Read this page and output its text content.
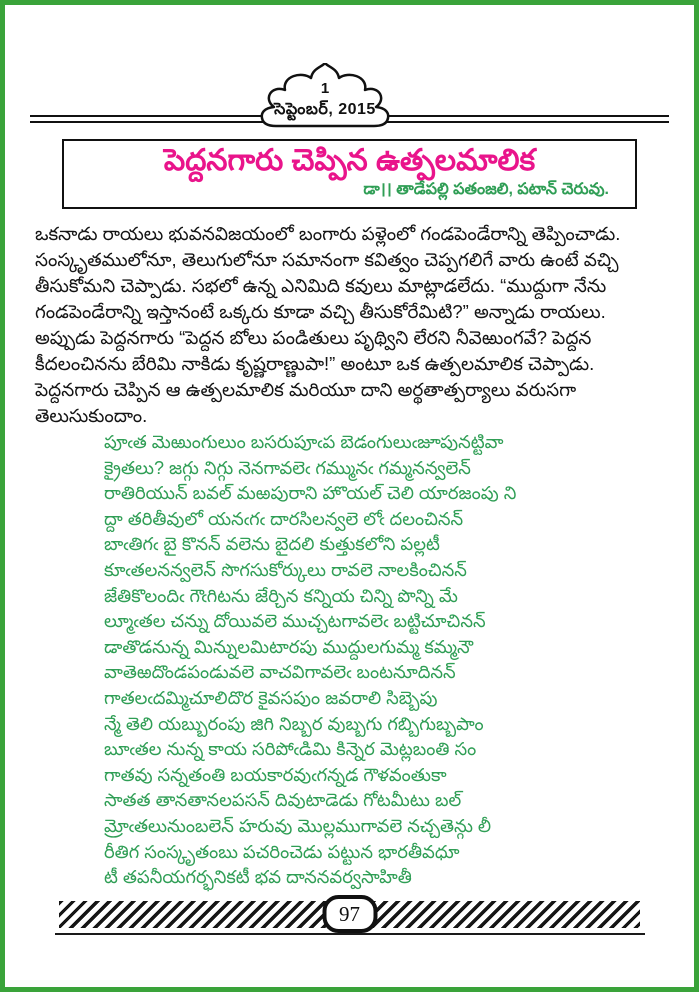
1
సెప్టెంబర్, 2015
పెద్దనగారు చెప్పిన ఉత్పలమాలిక
డా।। తాడేపల్లి పతంజలి, పటాన్ చెరువు.
ఒకనాడు రాయలు భువనవిజయంలో బంగారు పళ్లెంలో గండపెండేరాన్ని తెప్పించాడు.
సంస్కృతములోనూ, తెలుగులోనూ సమానంగా కవిత్వం చెప్పగలిగే వారు ఉంటే వచ్చి
తీసుకోమని చెప్పాడు. సభలో ఉన్న ఎనిమిది కవులు మాట్లాడలేదు. “ముద్దుగా నేను
గండపెండేరాన్ని ఇస్తానంటే ఒక్కరు కూడా వచ్చి తీసుకోరేమిటి?” అన్నాడు రాయలు.
అప్పుడు పెద్దనగారు “పెద్దన బోలు పండితులు పృథ్విని లేరని నీవెఱుంగవే? పెద్దన
కీదలంచినను బేరిమి నాకిడు కృష్ణరాణ్ణుపా!” అంటూ ఒక ఉత్పలమాలిక చెప్పాడు.
పెద్దనగారు చెప్పిన ఆ ఉత్పలమాలిక మరియూ దాని అర్థతాత్పర్యాలు వరుసగా
తెలుసుకుందాం.
పూఁత మెఱుంగులుం బసరుపూఁప బెడంగులుఁజూపునట్టివా
క్రైతలు? జగ్గు నిగ్గు నెనగావలెఁ గమ్మునఁ గమ్మనన్వలెన్
రాతిరియున్ బవల్ మఱపురాని హొయల్ చెలి యారజంపు ని
ద్దా తరితీవులో యనఁగఁ దారసిలన్వలె లోఁ దలంచినన్
బాఁతిగఁ బై కొనన్ వలెను బైదలి కుత్తుకలోని పల్లటీ
కూఁతలనన్వలెన్ సొగసుకోర్కులు రావలె నాలకించినన్
జేతికొలందిఁ గౌఁగిటను జేర్చిన కన్నియ చిన్ని పొన్ని మే
ల్మూఁతల చన్ను దోయివలె ముచ్చటగావలెఁ బట్టిచూచినన్
డాతొడనున్న మిన్నులమిటారపు ముద్దులగుమ్మ కమ్మనౌ
వాతెఱదొండపండువలె వాచవిగావలెఁ బంటనూదినన్
గాతలఁదమ్మిచూలిదొర కైవసపుం జవరాలి సిబ్బెపు
న్మే తెలి యబ్బురంపు జిగి నిబ్బర వుబ్బగు గబ్బిగుబ్బపాం
బూఁతల నున్న కాయ సరిపోఁడిమి కిన్నెర మెట్లబంతి సం
గాతవు సన్నతంతి బయకారవుఁగన్నడ గౌళవంతుకా
సాతత తానతానలపసన్ దివుటాడెడు గోటమీటు బల్
మ్రోఁతలునుంబలెన్ హరువు మొల్లముగావలె నచ్చతెన్గు లీ
రీతిగ సంస్కృతంబు పచరించెడు పట్టున భారతీవధూ
టీ తపనీయగర్భనికటీ భవ దాననవర్వసాహితీ
97
